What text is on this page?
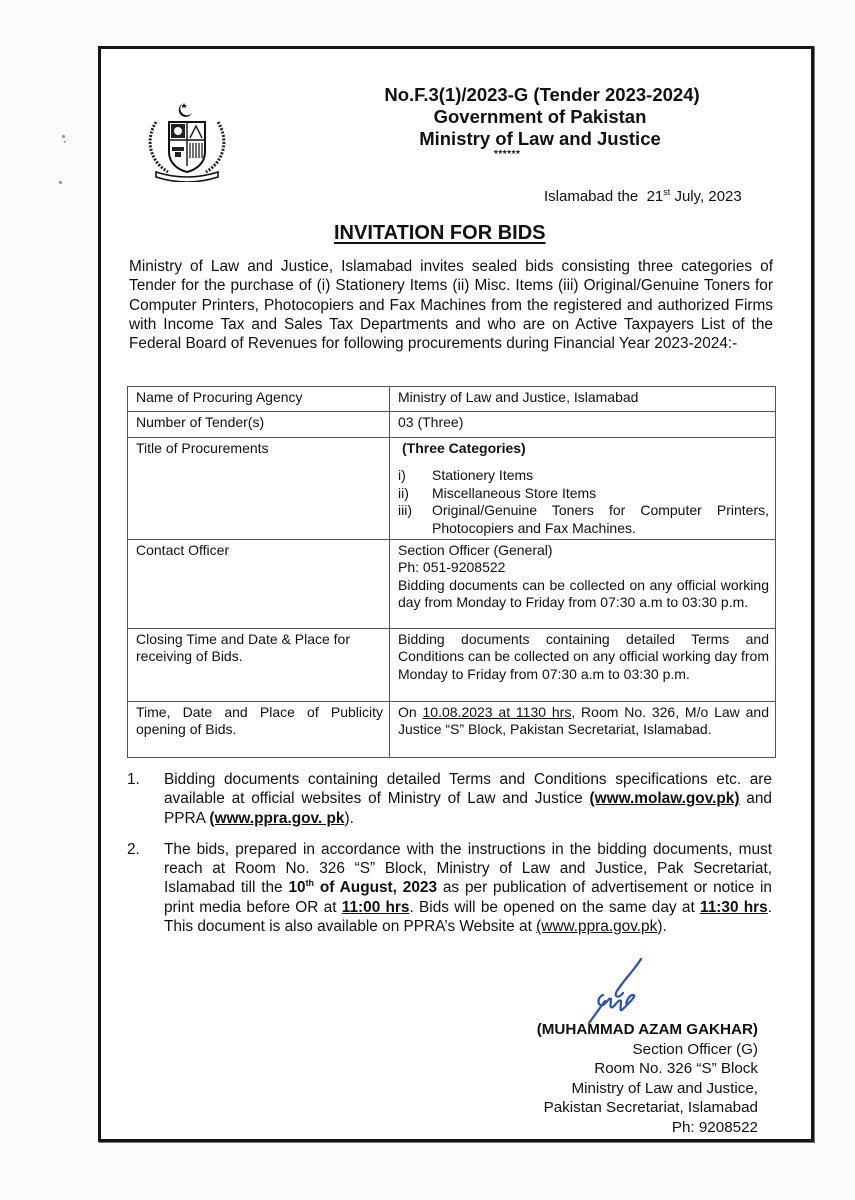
No.F.3(1)/2023-G (Tender 2023-2024)
Government of Pakistan
Ministry of Law and Justice
******
Islamabad the 21st July, 2023
INVITATION FOR BIDS
Ministry of Law and Justice, Islamabad invites sealed bids consisting three categories of Tender for the purchase of (i) Stationery Items (ii) Misc. Items (iii) Original/Genuine Toners for Computer Printers, Photocopiers and Fax Machines from the registered and authorized Firms with Income Tax and Sales Tax Departments and who are on Active Taxpayers List of the Federal Board of Revenues for following procurements during Financial Year 2023-2024:-
Name of Procuring Agency	Ministry of Law and Justice, Islamabad
Number of Tender(s)	03 (Three)
Title of Procurements	(Three Categories)
i)	Stationery Items
ii)	Miscellaneous Store Items
iii)	Original/Genuine Toners for Computer Printers, Photocopiers and Fax Machines.

Contact Officer	Section Officer (General)
Ph: 051-9208522
Bidding documents can be collected on any official working day from Monday to Friday from 07:30 a.m to 03:30 p.m.

Closing Time and Date & Place for receiving of Bids.	Bidding documents containing detailed Terms and Conditions can be collected on any official working day from Monday to Friday from 07:30 a.m to 03:30 p.m.
Time, Date and Place of Publicity opening of Bids.	On 10.08.2023 at 1130 hrs, Room No. 326, M/o Law and Justice “S” Block, Pakistan Secretariat, Islamabad.
1.	Bidding documents containing detailed Terms and Conditions specifications etc. are available at official websites of Ministry of Law and Justice (www.molaw.gov.pk) and PPRA (www.ppra.gov. pk).
2.	The bids, prepared in accordance with the instructions in the bidding documents, must reach at Room No. 326 “S” Block, Ministry of Law and Justice, Pak Secretariat, Islamabad till the 10th of August, 2023 as per publication of advertisement or notice in print media before OR at 11:00 hrs. Bids will be opened on the same day at 11:30 hrs. This document is also available on PPRA’s Website at (www.ppra.gov.pk).
(MUHAMMAD AZAM GAKHAR)
Section Officer (G)
Room No. 326 “S” Block
Ministry of Law and Justice,
Pakistan Secretariat, Islamabad
Ph: 9208522
